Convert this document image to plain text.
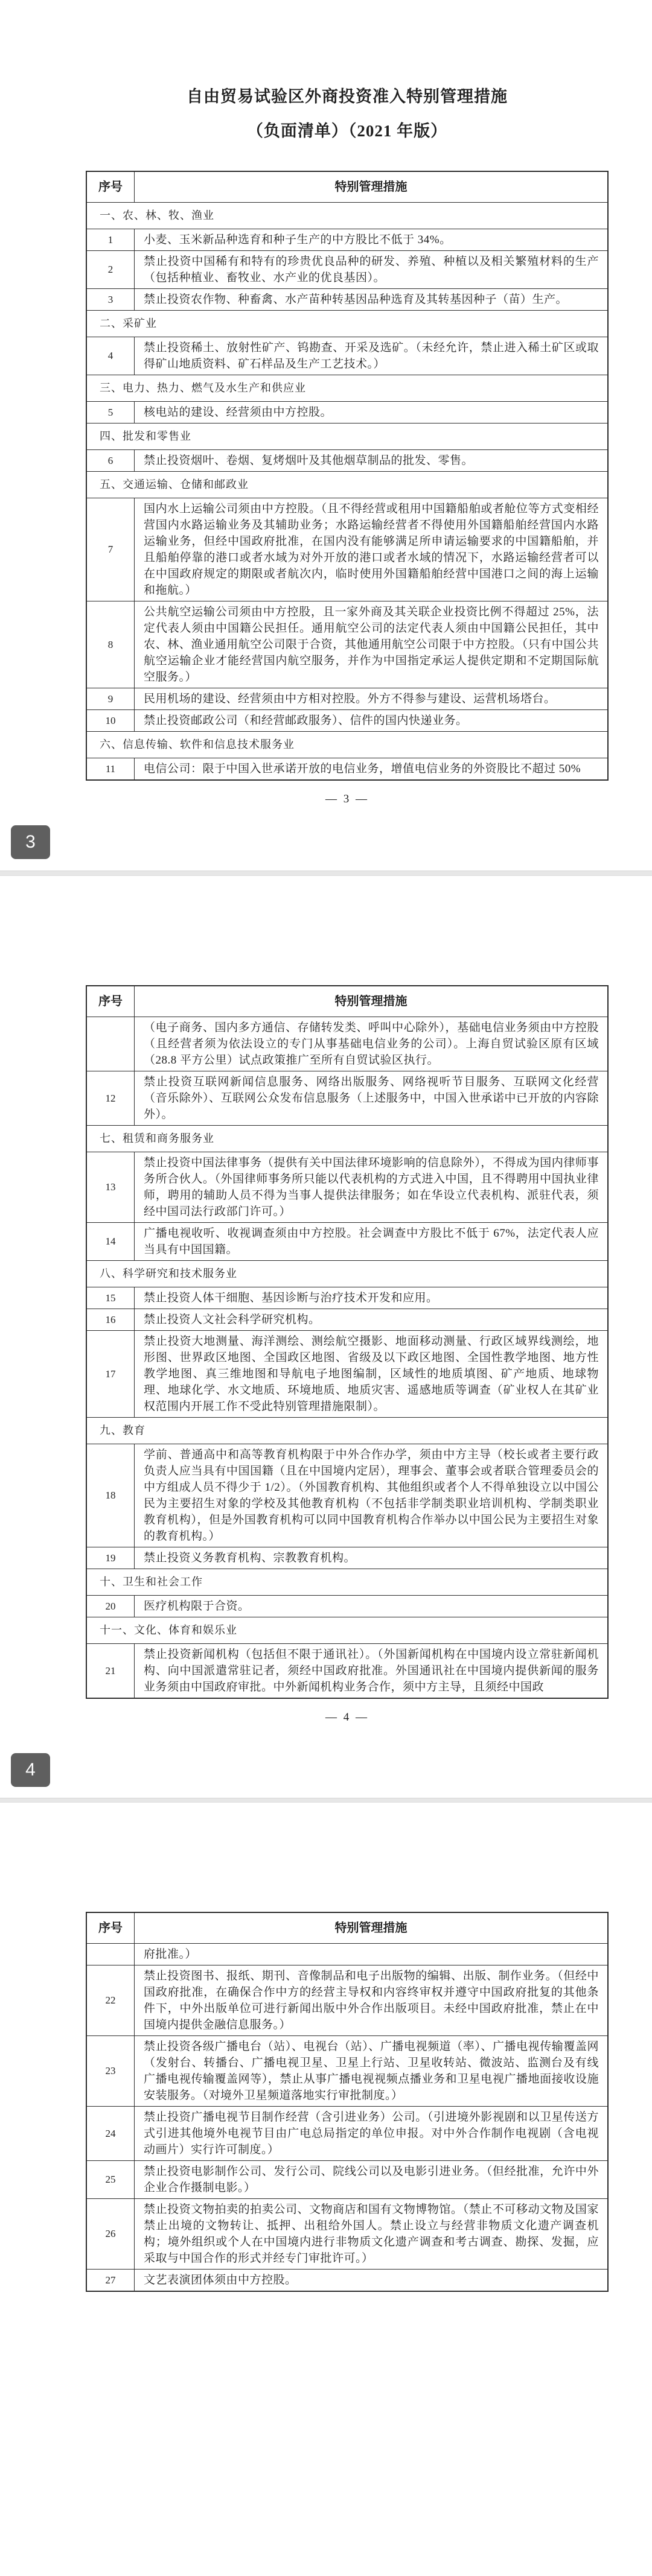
自由贸易试验区外商投资准入特别管理措施
（负面清单）（2021 年版）
序号	特别管理措施
一、农、林、牧、渔业	
1	小麦、玉米新品种选育和种子生产的中方股比不低于 34%。
2	禁止投资中国稀有和特有的珍贵优良品种的研发、养殖、种植以及相关繁殖材料的生产（包括种植业、畜牧业、水产业的优良基因）。
3	禁止投资农作物、种畜禽、水产苗种转基因品种选育及其转基因种子（苗）生产。
二、采矿业	
4	禁止投资稀土、放射性矿产、钨勘查、开采及选矿。（未经允许，禁止进入稀土矿区或取得矿山地质资料、矿石样品及生产工艺技术。）
三、电力、热力、燃气及水生产和供应业	
5	核电站的建设、经营须由中方控股。
四、批发和零售业	
6	禁止投资烟叶、卷烟、复烤烟叶及其他烟草制品的批发、零售。
五、交通运输、仓储和邮政业	
7	国内水上运输公司须由中方控股。（且不得经营或租用中国籍船舶或者舱位等方式变相经营国内水路运输业务及其辅助业务；水路运输经营者不得使用外国籍船舶经营国内水路运输业务，但经中国政府批准，在国内没有能够满足所申请运输要求的中国籍船舶，并且船舶停靠的港口或者水域为对外开放的港口或者水域的情况下，水路运输经营者可以在中国政府规定的期限或者航次内，临时使用外国籍船舶经营中国港口之间的海上运输和拖航。）
8	公共航空运输公司须由中方控股，且一家外商及其关联企业投资比例不得超过 25%，法定代表人须由中国籍公民担任。通用航空公司的法定代表人须由中国籍公民担任，其中农、林、渔业通用航空公司限于合资，其他通用航空公司限于中方控股。（只有中国公共航空运输企业才能经营国内航空服务，并作为中国指定承运人提供定期和不定期国际航空服务。）
9	民用机场的建设、经营须由中方相对控股。外方不得参与建设、运营机场塔台。
10	禁止投资邮政公司（和经营邮政服务）、信件的国内快递业务。
六、信息传输、软件和信息技术服务业	
11	电信公司：限于中国入世承诺开放的电信业务，增值电信业务的外资股比不超过 50%
— 3 —
序号	特别管理措施
	（电子商务、国内多方通信、存储转发类、呼叫中心除外），基础电信业务须由中方控股（且经营者须为依法设立的专门从事基础电信业务的公司）。上海自贸试验区原有区域（28.8 平方公里）试点政策推广至所有自贸试验区执行。
12	禁止投资互联网新闻信息服务、网络出版服务、网络视听节目服务、互联网文化经营（音乐除外）、互联网公众发布信息服务（上述服务中，中国入世承诺中已开放的内容除外）。
七、租赁和商务服务业	
13	禁止投资中国法律事务（提供有关中国法律环境影响的信息除外），不得成为国内律师事务所合伙人。（外国律师事务所只能以代表机构的方式进入中国，且不得聘用中国执业律师，聘用的辅助人员不得为当事人提供法律服务；如在华设立代表机构、派驻代表，须经中国司法行政部门许可。）
14	广播电视收听、收视调查须由中方控股。社会调查中方股比不低于 67%，法定代表人应当具有中国国籍。
八、科学研究和技术服务业	
15	禁止投资人体干细胞、基因诊断与治疗技术开发和应用。
16	禁止投资人文社会科学研究机构。
17	禁止投资大地测量、海洋测绘、测绘航空摄影、地面移动测量、行政区域界线测绘，地形图、世界政区地图、全国政区地图、省级及以下政区地图、全国性教学地图、地方性教学地图、真三维地图和导航电子地图编制，区域性的地质填图、矿产地质、地球物理、地球化学、水文地质、环境地质、地质灾害、遥感地质等调查（矿业权人在其矿业权范围内开展工作不受此特别管理措施限制）。
九、教育	
18	学前、普通高中和高等教育机构限于中外合作办学，须由中方主导（校长或者主要行政负责人应当具有中国国籍（且在中国境内定居），理事会、董事会或者联合管理委员会的中方组成人员不得少于 1/2）。（外国教育机构、其他组织或者个人不得单独设立以中国公民为主要招生对象的学校及其他教育机构（不包括非学制类职业培训机构、学制类职业教育机构），但是外国教育机构可以同中国教育机构合作举办以中国公民为主要招生对象的教育机构。）
19	禁止投资义务教育机构、宗教教育机构。
十、卫生和社会工作	
20	医疗机构限于合资。
十一、文化、体育和娱乐业	
21	禁止投资新闻机构（包括但不限于通讯社）。（外国新闻机构在中国境内设立常驻新闻机构、向中国派遣常驻记者，须经中国政府批准。外国通讯社在中国境内提供新闻的服务业务须由中国政府审批。中外新闻机构业务合作，须中方主导，且须经中国政
— 4 —
序号	特别管理措施
	府批准。）
22	禁止投资图书、报纸、期刊、音像制品和电子出版物的编辑、出版、制作业务。（但经中国政府批准，在确保合作中方的经营主导权和内容终审权并遵守中国政府批复的其他条件下，中外出版单位可进行新闻出版中外合作出版项目。未经中国政府批准，禁止在中国境内提供金融信息服务。）
23	禁止投资各级广播电台（站）、电视台（站）、广播电视频道（率）、广播电视传输覆盖网（发射台、转播台、广播电视卫星、卫星上行站、卫星收转站、微波站、监测台及有线广播电视传输覆盖网等），禁止从事广播电视视频点播业务和卫星电视广播地面接收设施安装服务。（对境外卫星频道落地实行审批制度。）
24	禁止投资广播电视节目制作经营（含引进业务）公司。（引进境外影视剧和以卫星传送方式引进其他境外电视节目由广电总局指定的单位申报。对中外合作制作电视剧（含电视动画片）实行许可制度。）
25	禁止投资电影制作公司、发行公司、院线公司以及电影引进业务。（但经批准，允许中外企业合作摄制电影。）
26	禁止投资文物拍卖的拍卖公司、文物商店和国有文物博物馆。（禁止不可移动文物及国家禁止出境的文物转让、抵押、出租给外国人。禁止设立与经营非物质文化遗产调查机构；境外组织或个人在中国境内进行非物质文化遗产调查和考古调查、勘探、发掘，应采取与中国合作的形式并经专门审批许可。）
27	文艺表演团体须由中方控股。
3
4
